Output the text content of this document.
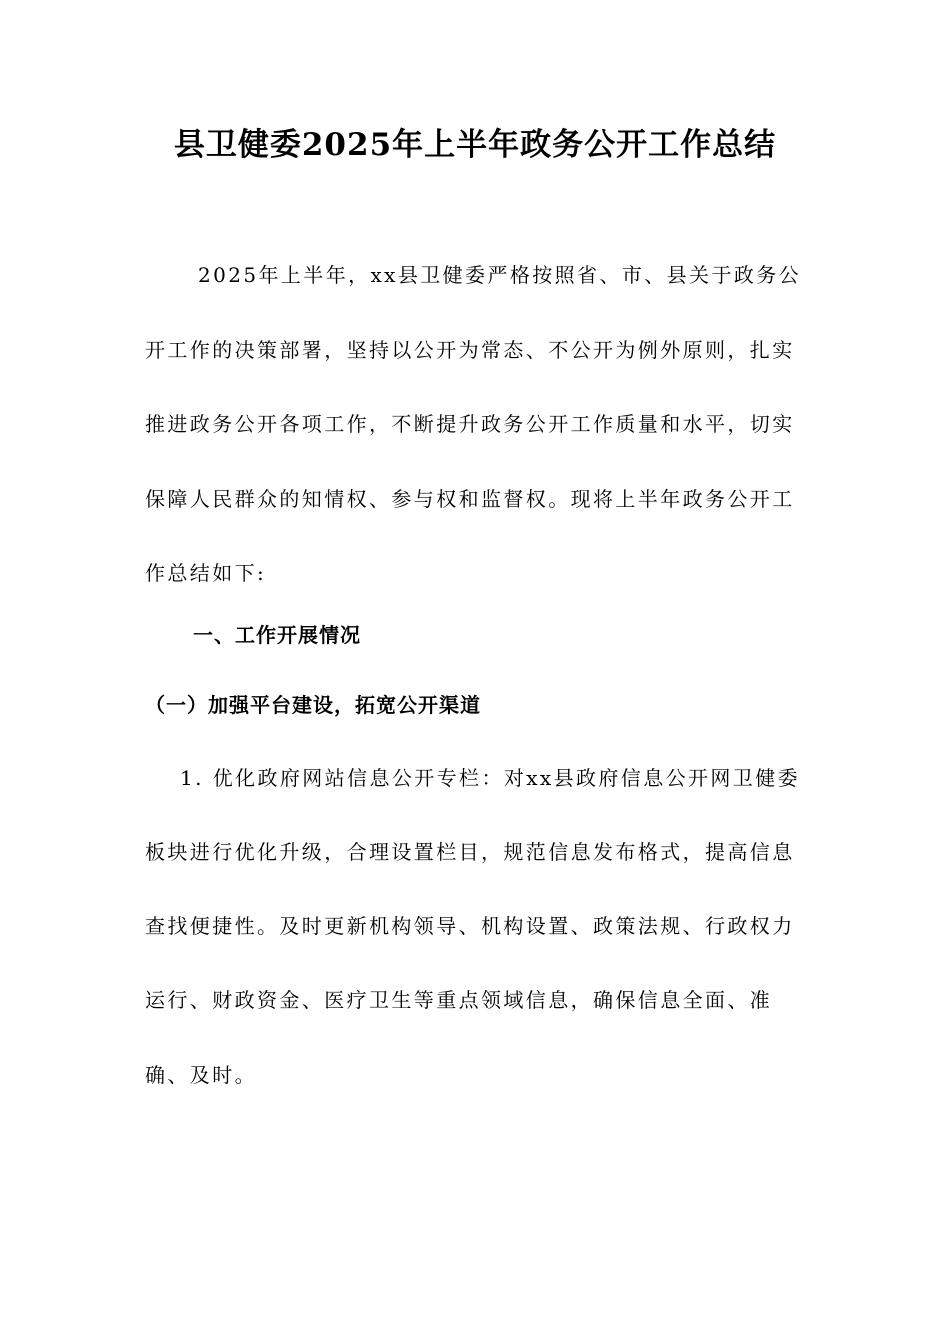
县卫健委2025年上半年政务公开工作总结
2025年上半年，xx县卫健委严格按照省、市、县关于政务公
开工作的决策部署，坚持以公开为常态、不公开为例外原则，扎实
推进政务公开各项工作，不断提升政务公开工作质量和水平，切实
保障人民群众的知情权、参与权和监督权。现将上半年政务公开工
作总结如下:
一、工作开展情况
（一）加强平台建设，拓宽公开渠道
1. 优化政府网站信息公开专栏：对xx县政府信息公开网卫健委
板块进行优化升级，合理设置栏目，规范信息发布格式，提高信息
查找便捷性。及时更新机构领导、机构设置、政策法规、行政权力
运行、财政资金、医疗卫生等重点领域信息，确保信息全面、准
确、及时。
